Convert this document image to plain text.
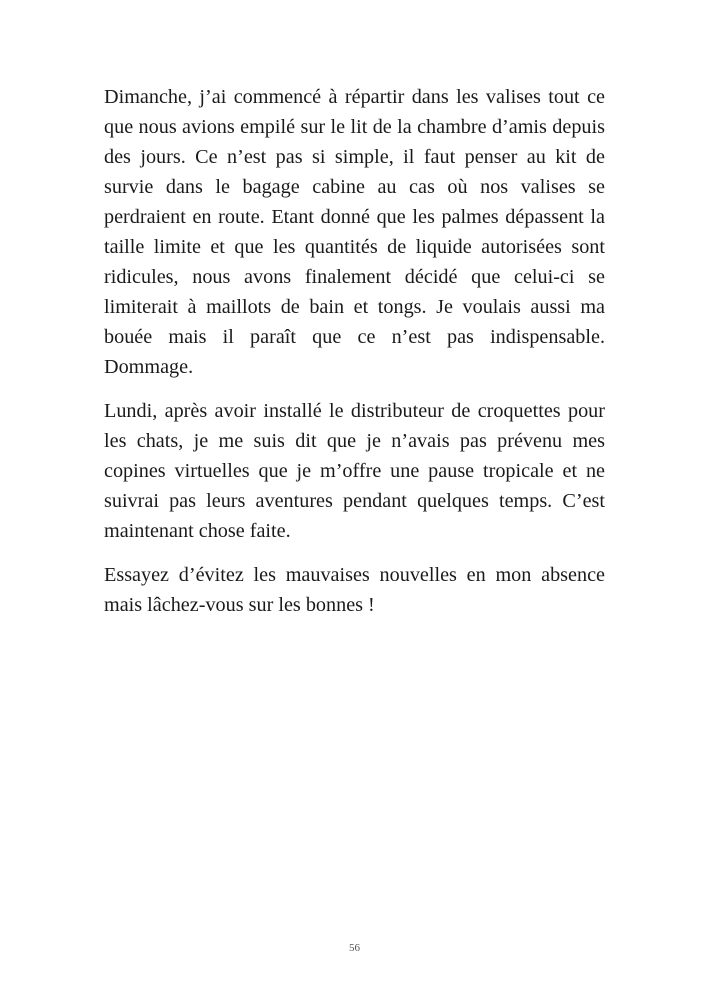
Dimanche, j’ai commencé à répartir dans les valises tout ce que nous avions empilé sur le lit de la chambre d’amis depuis des jours. Ce n’est pas si simple, il faut penser au kit de survie dans le bagage cabine au cas où nos valises se perdraient en route. Etant donné que les palmes dépassent la taille limite et que les quantités de liquide autorisées sont ridicules, nous avons finalement décidé que celui-ci se limiterait à maillots de bain et tongs. Je voulais aussi ma bouée mais il paraît que ce n’est pas indispensable. Dommage.

Lundi, après avoir installé le distributeur de croquettes pour les chats, je me suis dit que je n’avais pas prévenu mes copines virtuelles que je m’offre une pause tropicale et ne suivrai pas leurs aventures pendant quelques temps. C’est maintenant chose faite.

Essayez d’évitez les mauvaises nouvelles en mon absence mais lâchez-vous sur les bonnes !

56
